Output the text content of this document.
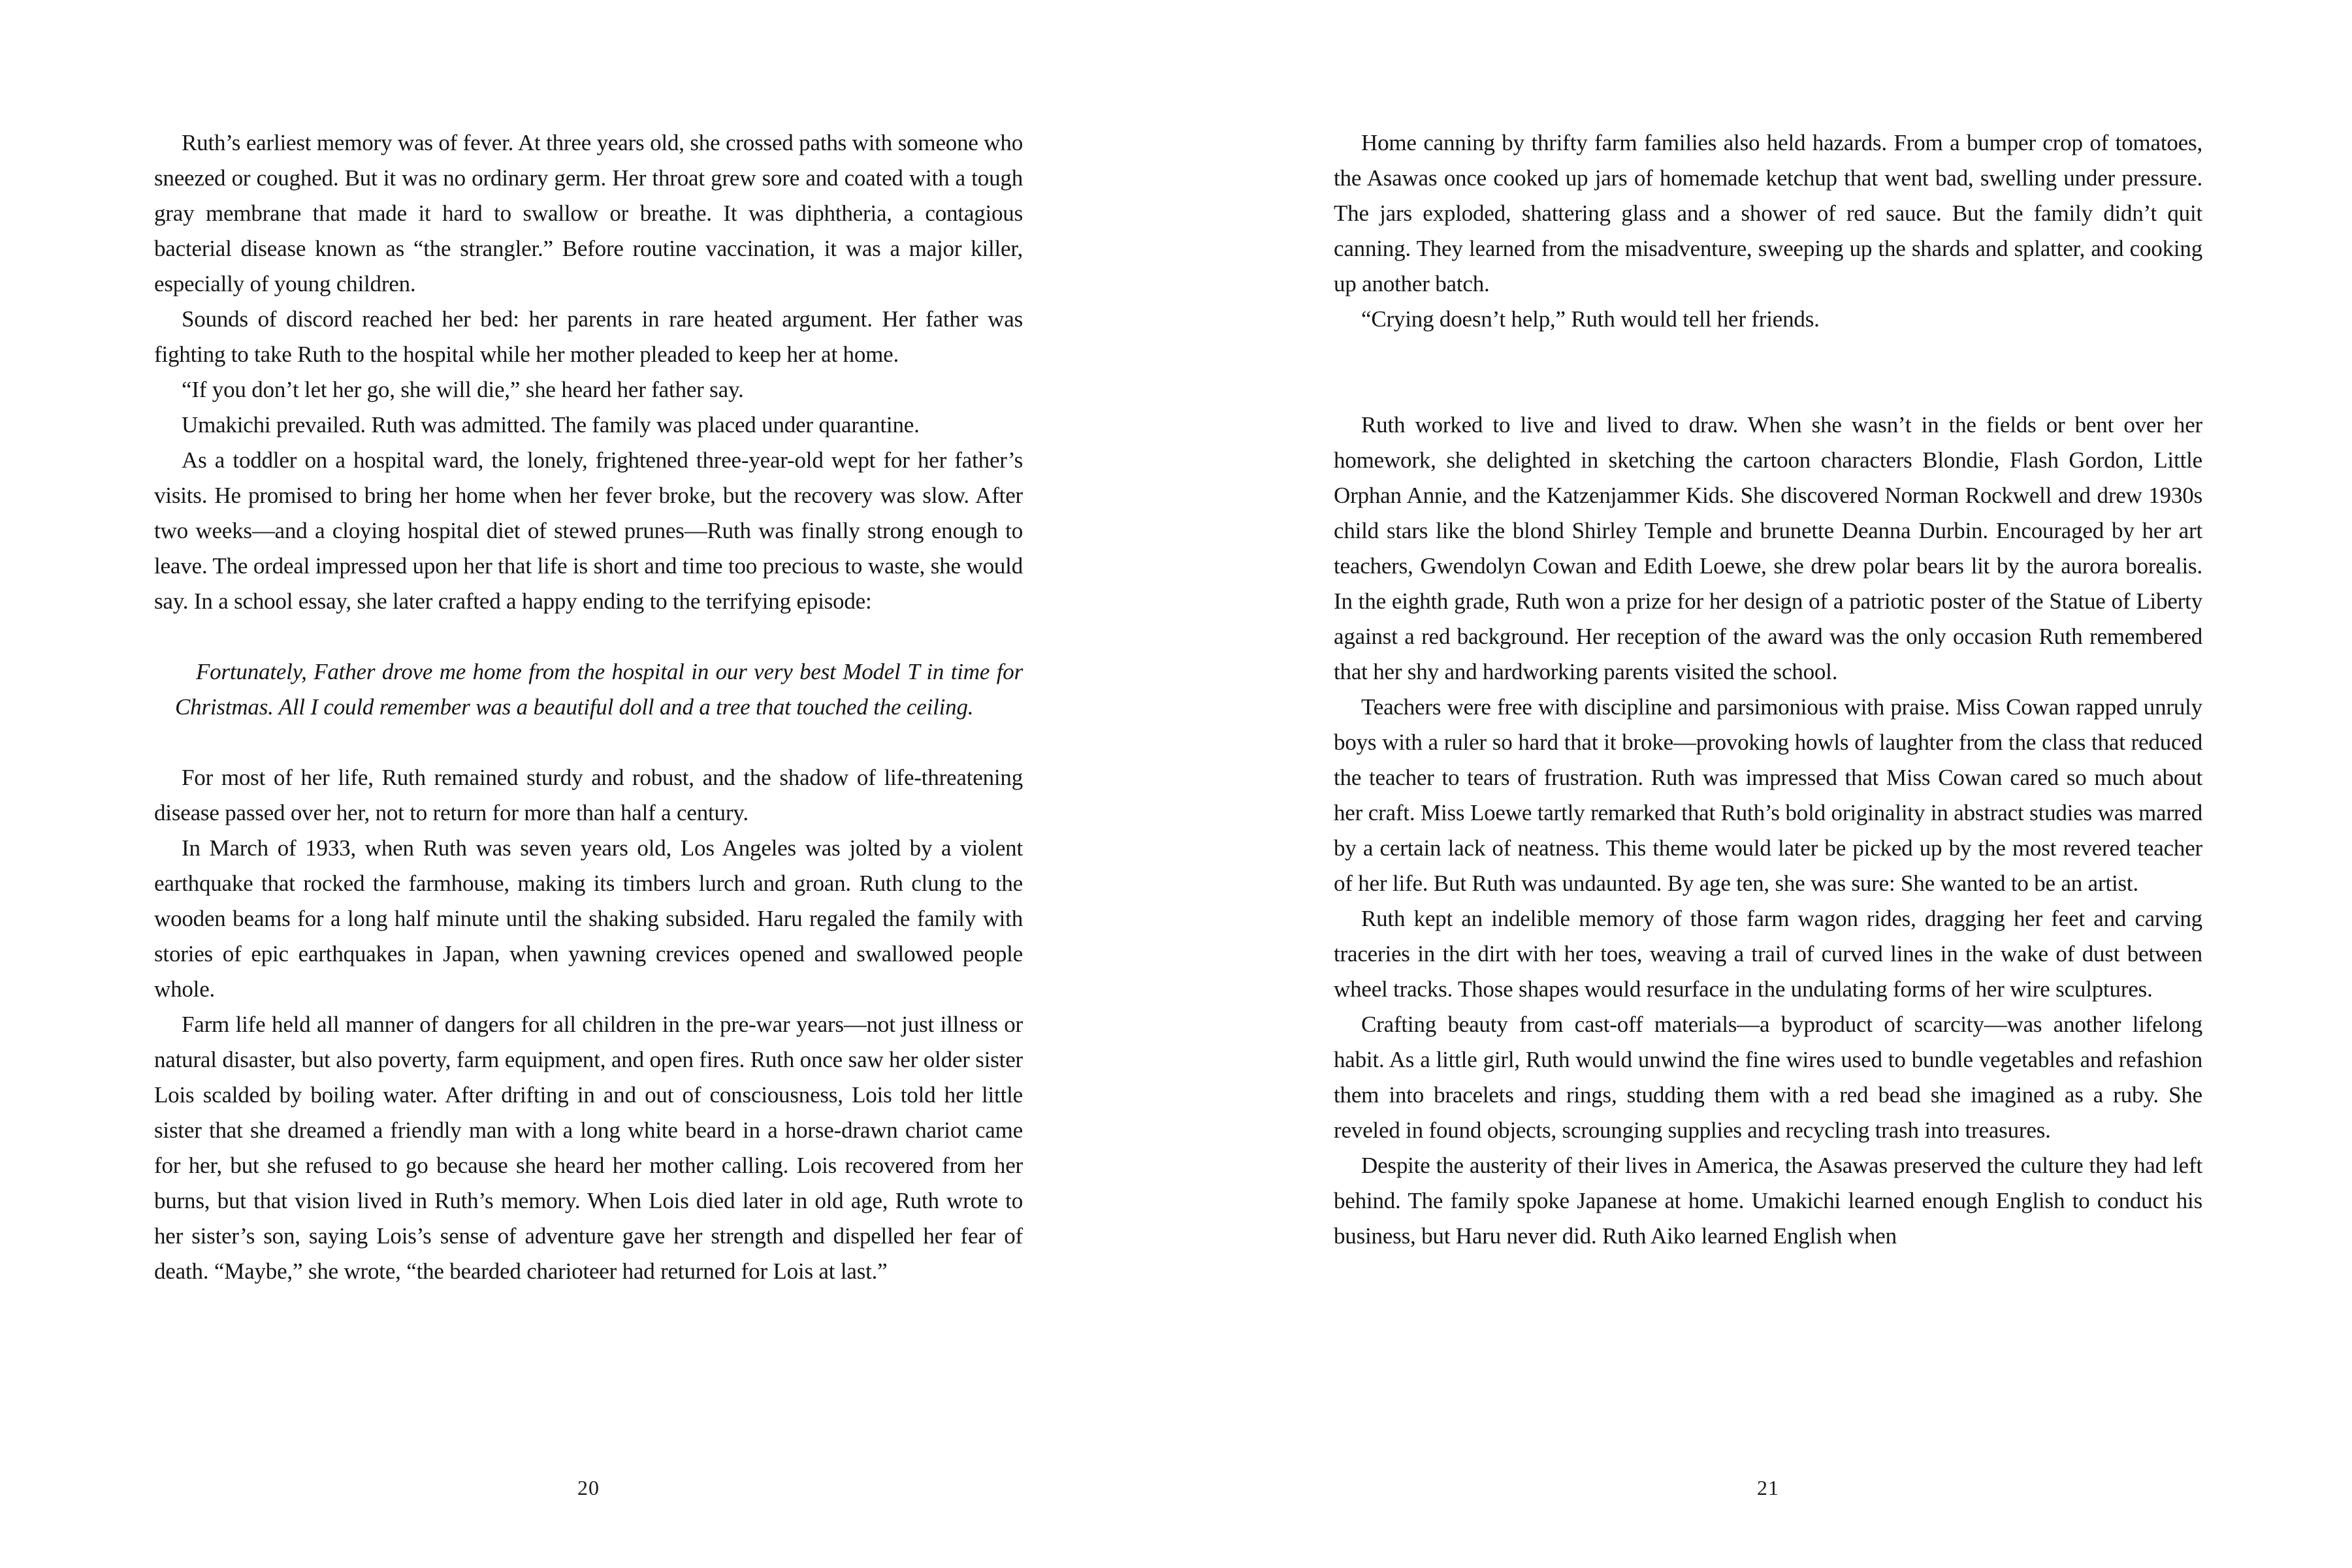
Ruth’s earliest memory was of fever. At three years old, she crossed paths with someone who sneezed or coughed. But it was no ordinary germ. Her throat grew sore and coated with a tough gray membrane that made it hard to swallow or breathe. It was diphtheria, a contagious bacterial disease known as “the strangler.” Before routine vaccination, it was a major killer, especially of young children.

Sounds of discord reached her bed: her parents in rare heated argument. Her father was fighting to take Ruth to the hospital while her mother pleaded to keep her at home.

“If you don’t let her go, she will die,” she heard her father say.

Umakichi prevailed. Ruth was admitted. The family was placed under quarantine.

As a toddler on a hospital ward, the lonely, frightened three-year-old wept for her father’s visits. He promised to bring her home when her fever broke, but the recovery was slow. After two weeks—and a cloying hospital diet of stewed prunes—Ruth was finally strong enough to leave. The ordeal impressed upon her that life is short and time too precious to waste, she would say. In a school essay, she later crafted a happy ending to the terrifying episode:

Fortunately, Father drove me home from the hospital in our very best Model T in time for Christmas. All I could remember was a beautiful doll and a tree that touched the ceiling.

For most of her life, Ruth remained sturdy and robust, and the shadow of life-threatening disease passed over her, not to return for more than half a century.

In March of 1933, when Ruth was seven years old, Los Angeles was jolted by a violent earthquake that rocked the farmhouse, making its timbers lurch and groan. Ruth clung to the wooden beams for a long half minute until the shaking subsided. Haru regaled the family with stories of epic earthquakes in Japan, when yawning crevices opened and swallowed people whole.

Farm life held all manner of dangers for all children in the pre-war years—not just illness or natural disaster, but also poverty, farm equipment, and open fires. Ruth once saw her older sister Lois scalded by boiling water. After drifting in and out of consciousness, Lois told her little sister that she dreamed a friendly man with a long white beard in a horse-drawn chariot came for her, but she refused to go because she heard her mother calling. Lois recovered from her burns, but that vision lived in Ruth’s memory. When Lois died later in old age, Ruth wrote to her sister’s son, saying Lois’s sense of adventure gave her strength and dispelled her fear of death. “Maybe,” she wrote, “the bearded charioteer had returned for Lois at last.”

20

Home canning by thrifty farm families also held hazards. From a bumper crop of tomatoes, the Asawas once cooked up jars of homemade ketchup that went bad, swelling under pressure. The jars exploded, shattering glass and a shower of red sauce. But the family didn’t quit canning. They learned from the misadventure, sweeping up the shards and splatter, and cooking up another batch.

“Crying doesn’t help,” Ruth would tell her friends.

Ruth worked to live and lived to draw. When she wasn’t in the fields or bent over her homework, she delighted in sketching the cartoon characters Blondie, Flash Gordon, Little Orphan Annie, and the Katzenjammer Kids. She discovered Norman Rockwell and drew 1930s child stars like the blond Shirley Temple and brunette Deanna Durbin. Encouraged by her art teachers, Gwendolyn Cowan and Edith Loewe, she drew polar bears lit by the aurora borealis. In the eighth grade, Ruth won a prize for her design of a patriotic poster of the Statue of Liberty against a red background. Her reception of the award was the only occasion Ruth remembered that her shy and hardworking parents visited the school.

Teachers were free with discipline and parsimonious with praise. Miss Cowan rapped unruly boys with a ruler so hard that it broke—provoking howls of laughter from the class that reduced the teacher to tears of frustration. Ruth was impressed that Miss Cowan cared so much about her craft. Miss Loewe tartly remarked that Ruth’s bold originality in abstract studies was marred by a certain lack of neatness. This theme would later be picked up by the most revered teacher of her life. But Ruth was undaunted. By age ten, she was sure: She wanted to be an artist.

Ruth kept an indelible memory of those farm wagon rides, dragging her feet and carving traceries in the dirt with her toes, weaving a trail of curved lines in the wake of dust between wheel tracks. Those shapes would resurface in the undulating forms of her wire sculptures.

Crafting beauty from cast-off materials—a byproduct of scarcity—was another lifelong habit. As a little girl, Ruth would unwind the fine wires used to bundle vegetables and refashion them into bracelets and rings, studding them with a red bead she imagined as a ruby. She reveled in found objects, scrounging supplies and recycling trash into treasures.

Despite the austerity of their lives in America, the Asawas preserved the culture they had left behind. The family spoke Japanese at home. Umakichi learned enough English to conduct his business, but Haru never did. Ruth Aiko learned English when

21
